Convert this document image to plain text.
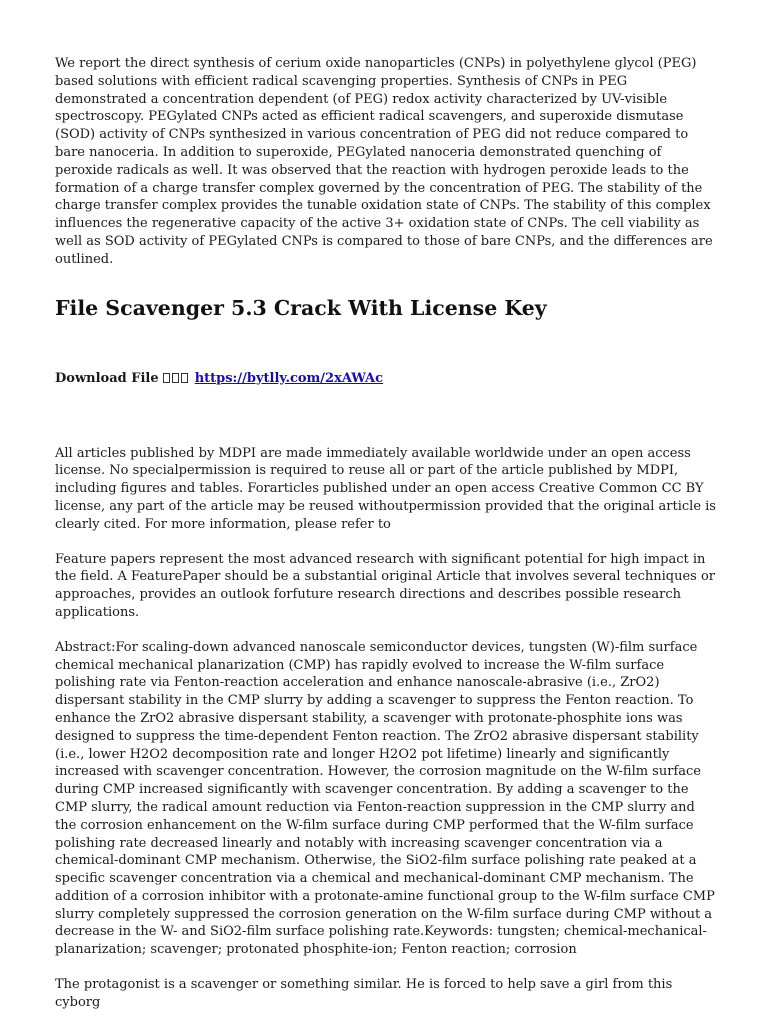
We report the direct synthesis of cerium oxide nanoparticles (CNPs) in polyethylene glycol (PEG) based solutions with efficient radical scavenging properties. Synthesis of CNPs in PEG demonstrated a concentration dependent (of PEG) redox activity characterized by UV-visible spectroscopy. PEGylated CNPs acted as efficient radical scavengers, and superoxide dismutase (SOD) activity of CNPs synthesized in various concentration of PEG did not reduce compared to bare nanoceria. In addition to superoxide, PEGylated nanoceria demonstrated quenching of peroxide radicals as well. It was observed that the reaction with hydrogen peroxide leads to the formation of a charge transfer complex governed by the concentration of PEG. The stability of the charge transfer complex provides the tunable oxidation state of CNPs. The stability of this complex influences the regenerative capacity of the active 3+ oxidation state of CNPs. The cell viability as well as SOD activity of PEGylated CNPs is compared to those of bare CNPs, and the differences are outlined.

File Scavenger 5.3 Crack With License Key
Download File	https://bytlly.com/2xAWAc

All articles published by MDPI are made immediately available worldwide under an open access license. No specialpermission is required to reuse all or part of the article published by MDPI, including figures and tables. Forarticles published under an open access Creative Common CC BY license, any part of the article may be reused withoutpermission provided that the original article is clearly cited. For more information, please refer to

Feature papers represent the most advanced research with significant potential for high impact in the field. A FeaturePaper should be a substantial original Article that involves several techniques or approaches, provides an outlook forfuture research directions and describes possible research applications.

Abstract:For scaling-down advanced nanoscale semiconductor devices, tungsten (W)-film surface chemical mechanical planarization (CMP) has rapidly evolved to increase the W-film surface polishing rate via Fenton-reaction acceleration and enhance nanoscale-abrasive (i.e., ZrO2) dispersant stability in the CMP slurry by adding a scavenger to suppress the Fenton reaction. To enhance the ZrO2 abrasive dispersant stability, a scavenger with protonate-phosphite ions was designed to suppress the time-dependent Fenton reaction. The ZrO2 abrasive dispersant stability (i.e., lower H2O2 decomposition rate and longer H2O2 pot lifetime) linearly and significantly increased with scavenger concentration. However, the corrosion magnitude on the W-film surface during CMP increased significantly with scavenger concentration. By adding a scavenger to the CMP slurry, the radical amount reduction via Fenton-reaction suppression in the CMP slurry and the corrosion enhancement on the W-film surface during CMP performed that the W-film surface polishing rate decreased linearly and notably with increasing scavenger concentration via a chemical-dominant CMP mechanism. Otherwise, the SiO2-film surface polishing rate peaked at a specific scavenger concentration via a chemical and mechanical-dominant CMP mechanism. The addition of a corrosion inhibitor with a protonate-amine functional group to the W-film surface CMP slurry completely suppressed the corrosion generation on the W-film surface during CMP without a decrease in the W- and SiO2-film surface polishing rate.Keywords: tungsten; chemical-mechanical-planarization; scavenger; protonated phosphite-ion; Fenton reaction; corrosion

The protagonist is a scavenger or something similar. He is forced to help save a girl from this cyborg
